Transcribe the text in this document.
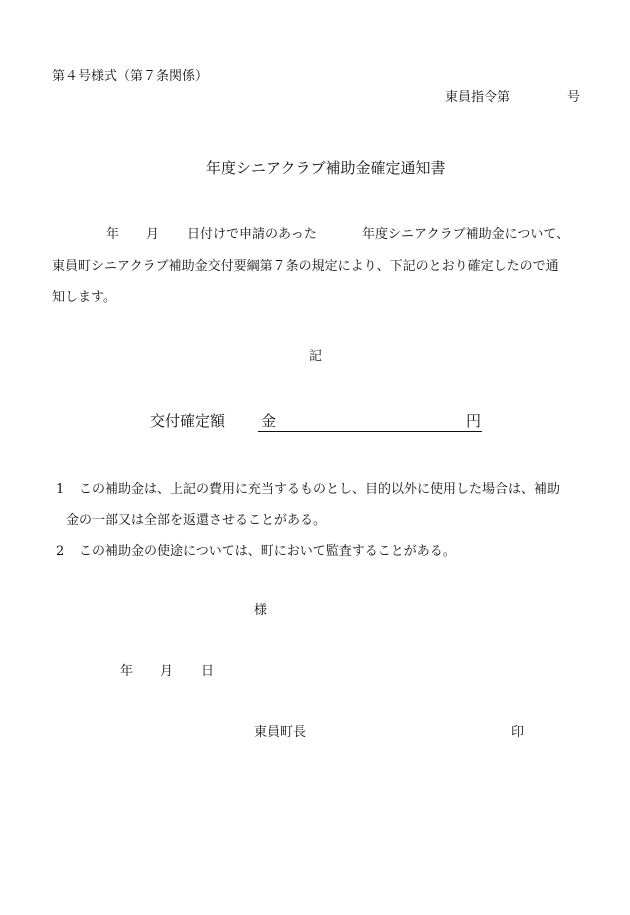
第４号様式（第７条関係）
東員指令第	号
年度シニアクラブ補助金確定通知書
年 月 日付けで申請のあった	年度シニアクラブ補助金について、
東員町シニアクラブ補助金交付要綱第７条の規定により、下記のとおり確定したので通
知します。
記
交付確定額 金	円
1 この補助金は、上記の費用に充当するものとし、目的以外に使用した場合は、補助
金の一部又は全部を返還させることがある。
2 この補助金の使途については、町において監査することがある。
様
年 月 日
東員町長	印
